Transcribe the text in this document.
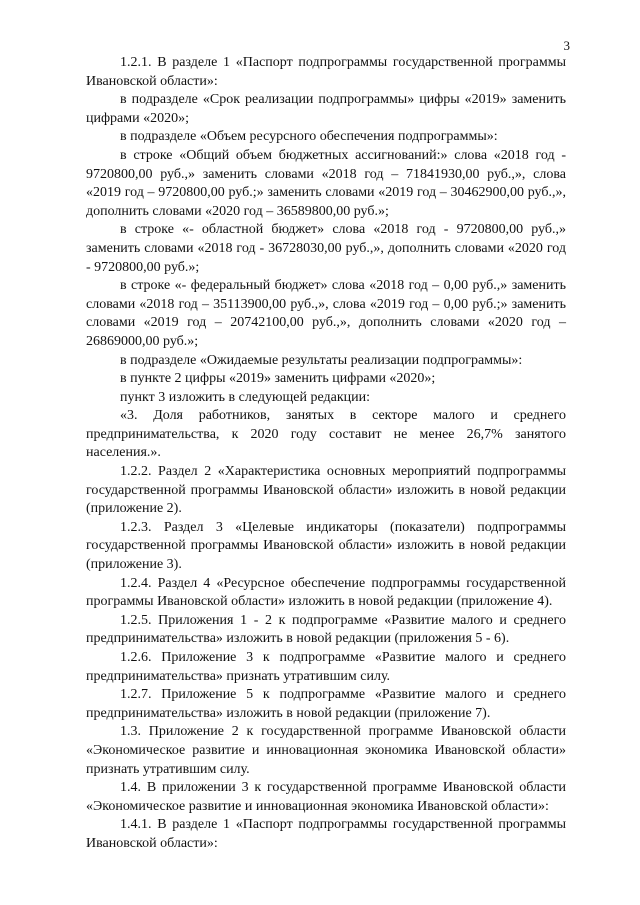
3

1.2.1. В разделе 1 «Паспорт подпрограммы государственной программы Ивановской области»:

в подразделе «Срок реализации подпрограммы» цифры «2019» заменить цифрами «2020»;

в подразделе «Объем ресурсного обеспечения подпрограммы»:

в строке «Общий объем бюджетных ассигнований:» слова «2018 год - 9720800,00 руб.,» заменить словами «2018 год – 71841930,00 руб.,», слова «2019 год – 9720800,00 руб.;» заменить словами «2019 год – 30462900,00 руб.,», дополнить словами «2020 год – 36589800,00 руб.»;

в строке «- областной бюджет» слова «2018 год - 9720800,00 руб.,» заменить словами «2018 год - 36728030,00 руб.,», дополнить словами «2020 год - 9720800,00 руб.»;

в строке «- федеральный бюджет» слова «2018 год – 0,00 руб.,» заменить словами «2018 год – 35113900,00 руб.,», слова «2019 год – 0,00 руб.;» заменить словами «2019 год – 20742100,00 руб.,», дополнить словами «2020 год – 26869000,00 руб.»;

в подразделе «Ожидаемые результаты реализации подпрограммы»:

в пункте 2 цифры «2019» заменить цифрами «2020»;

пункт 3 изложить в следующей редакции:

«3. Доля работников, занятых в секторе малого и среднего предпринимательства, к 2020 году составит не менее 26,7% занятого населения.».

1.2.2. Раздел 2 «Характеристика основных мероприятий подпрограммы государственной программы Ивановской области» изложить в новой редакции (приложение 2).

1.2.3. Раздел 3 «Целевые индикаторы (показатели) подпрограммы государственной программы Ивановской области» изложить в новой редакции (приложение 3).

1.2.4. Раздел 4 «Ресурсное обеспечение подпрограммы государственной программы Ивановской области» изложить в новой редакции (приложение 4).

1.2.5. Приложения 1 - 2 к подпрограмме «Развитие малого и среднего предпринимательства» изложить в новой редакции (приложения 5 - 6).

1.2.6. Приложение 3 к подпрограмме «Развитие малого и среднего предпринимательства» признать утратившим силу.

1.2.7. Приложение 5 к подпрограмме «Развитие малого и среднего предпринимательства» изложить в новой редакции (приложение 7).

1.3. Приложение 2 к государственной программе Ивановской области «Экономическое развитие и инновационная экономика Ивановской области» признать утратившим силу.

1.4. В приложении 3 к государственной программе Ивановской области «Экономическое развитие и инновационная экономика Ивановской области»:

1.4.1. В разделе 1 «Паспорт подпрограммы государственной программы Ивановской области»:
